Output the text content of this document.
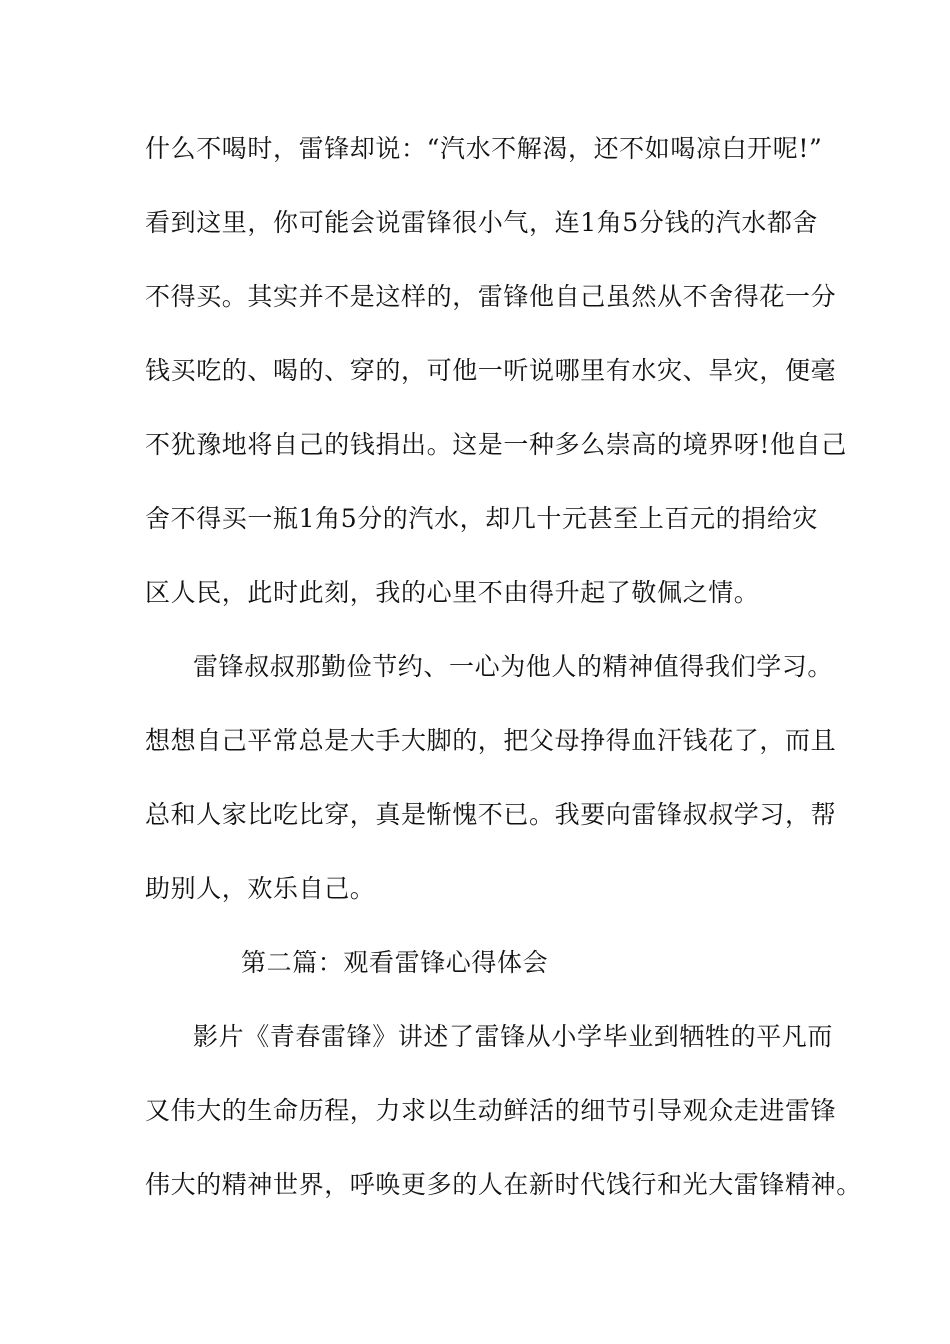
什么不喝时，雷锋却说：“汽水不解渴，还不如喝凉白开呢!”
看到这里，你可能会说雷锋很小气，连1角5分钱的汽水都舍
不得买。其实并不是这样的，雷锋他自己虽然从不舍得花一分
钱买吃的、喝的、穿的，可他一听说哪里有水灾、旱灾，便毫
不犹豫地将自己的钱捐出。这是一种多么崇高的境界呀!他自己
舍不得买一瓶1角5分的汽水，却几十元甚至上百元的捐给灾
区人民，此时此刻，我的心里不由得升起了敬佩之情。
雷锋叔叔那勤俭节约、一心为他人的精神值得我们学习。
想想自己平常总是大手大脚的，把父母挣得血汗钱花了，而且
总和人家比吃比穿，真是惭愧不已。我要向雷锋叔叔学习，帮
助别人，欢乐自己。
第二篇：观看雷锋心得体会
影片《青春雷锋》讲述了雷锋从小学毕业到牺牲的平凡而
又伟大的生命历程，力求以生动鲜活的细节引导观众走进雷锋
伟大的精神世界，呼唤更多的人在新时代饯行和光大雷锋精神。
